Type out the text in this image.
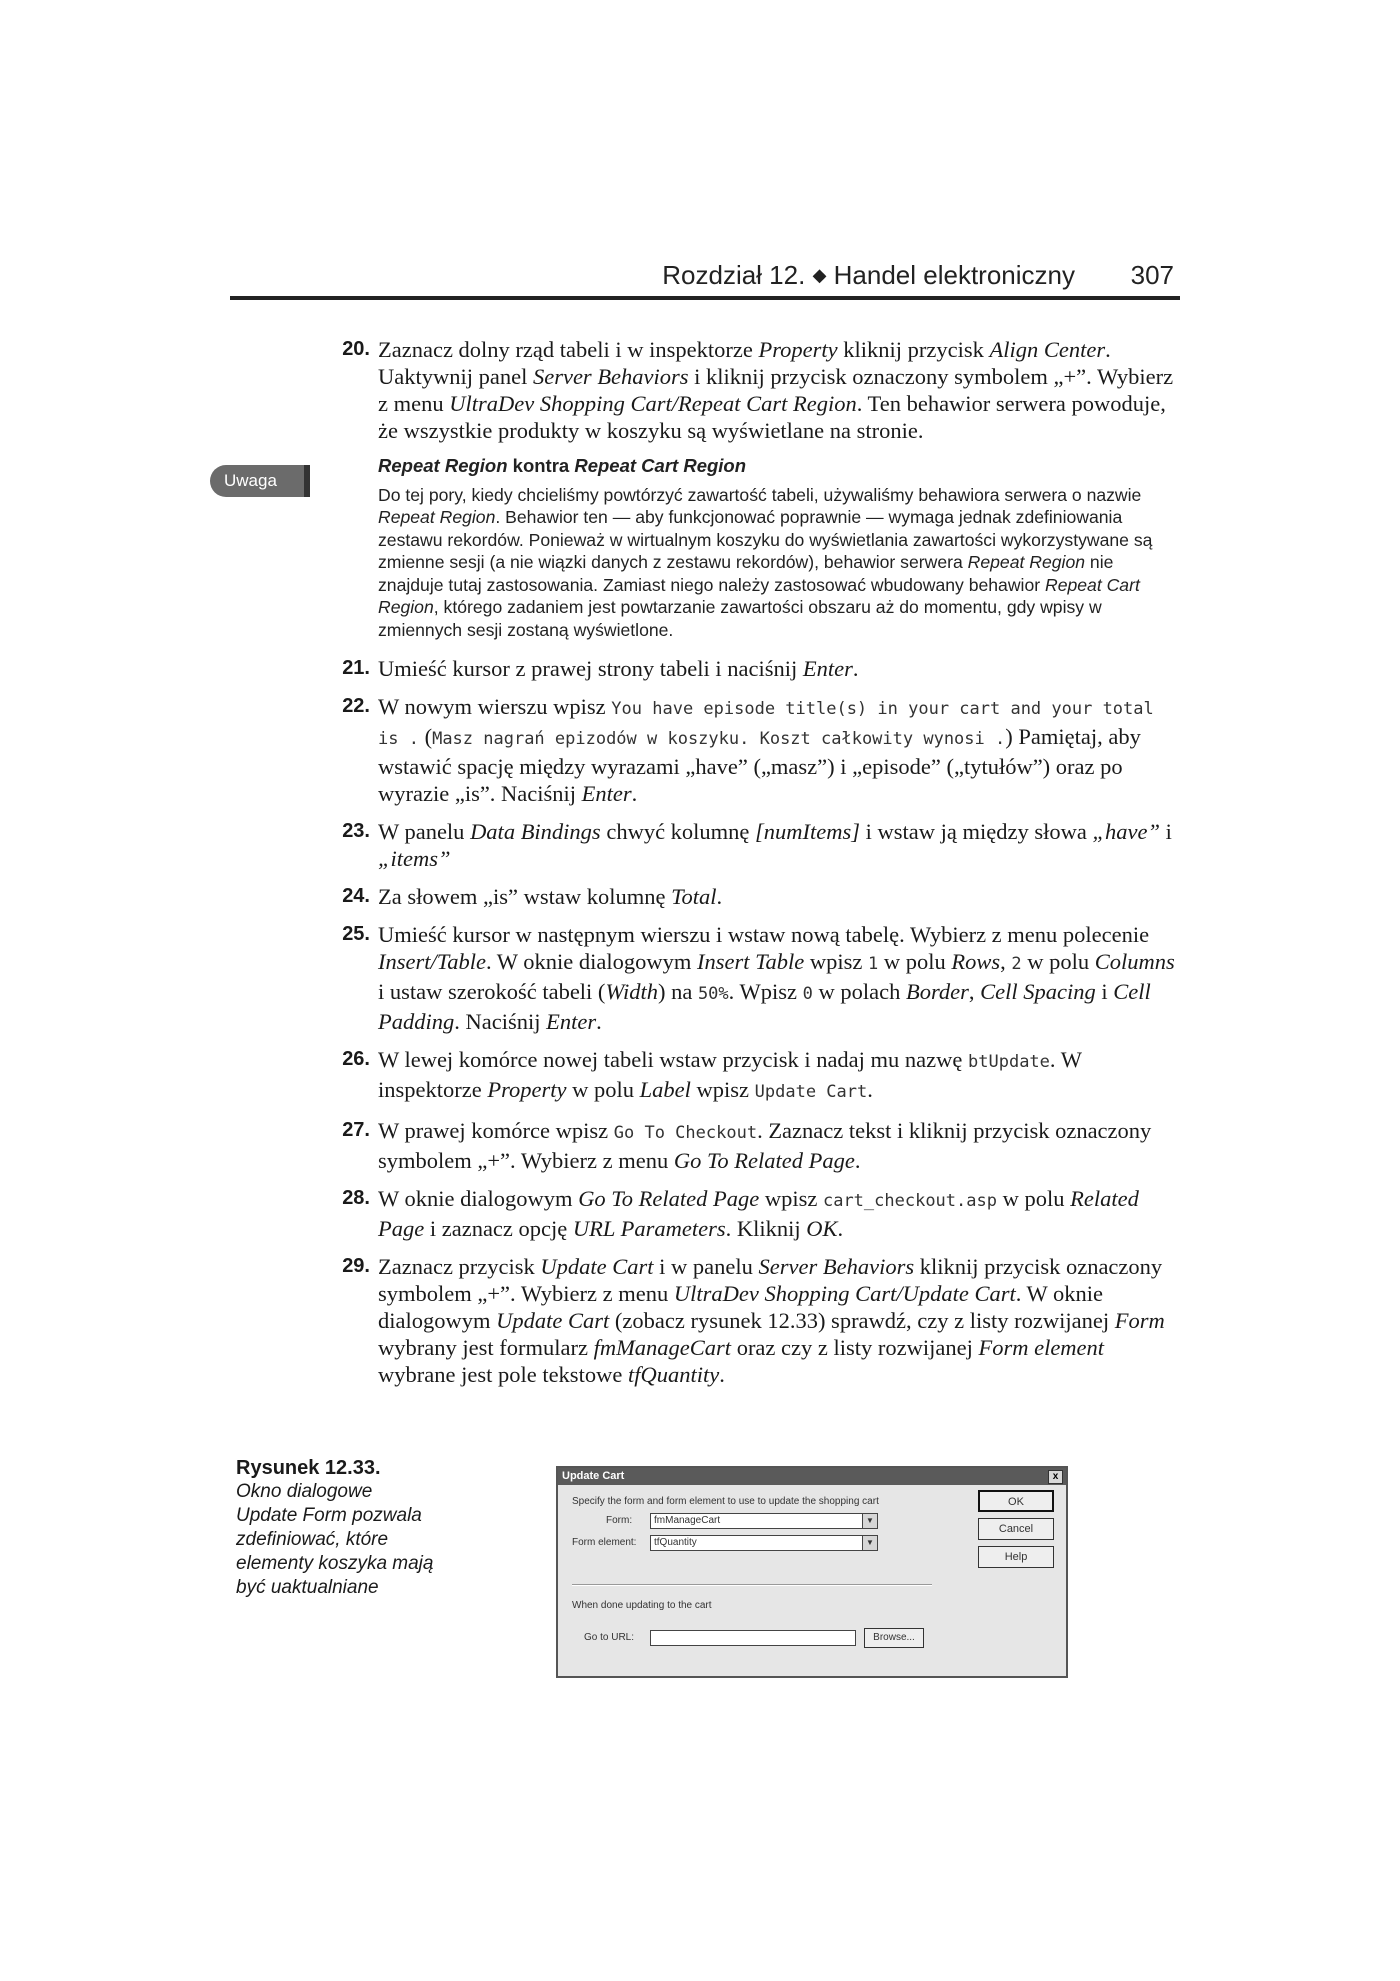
Rozdział 12. ◆ Handel elektroniczny 307
20. Zaznacz dolny rząd tabeli i w inspektorze Property kliknij przycisk Align Center. Uaktywnij panel Server Behaviors i kliknij przycisk oznaczony symbolem „+”. Wybierz z menu UltraDev Shopping Cart/Repeat Cart Region. Ten behawior serwera powoduje, że wszystkie produkty w koszyku są wyświetlane na stronie.
Uwaga
Repeat Region kontra Repeat Cart Region
Do tej pory, kiedy chcieliśmy powtórzyć zawartość tabeli, używaliśmy behawiora serwera o nazwie Repeat Region. Behawior ten — aby funkcjonować poprawnie — wymaga jednak zdefiniowania zestawu rekordów. Ponieważ w wirtualnym koszyku do wyświetlania zawartości wykorzystywane są zmienne sesji (a nie wiązki danych z zestawu rekordów), behawior serwera Repeat Region nie znajduje tutaj zastosowania. Zamiast niego należy zastosować wbudowany behawior Repeat Cart Region, którego zadaniem jest powtarzanie zawartości obszaru aż do momentu, gdy wpisy w zmiennych sesji zostaną wyświetlone.
21. Umieść kursor z prawej strony tabeli i naciśnij Enter.
22. W nowym wierszu wpisz You have episode title(s) in your cart and your total is . (Masz nagrań epizodów w koszyku. Koszt całkowity wynosi .) Pamiętaj, aby wstawić spację między wyrazami „have” („masz”) i „episode” („tytułów”) oraz po wyrazie „is”. Naciśnij Enter.
23. W panelu Data Bindings chwyć kolumnę [numItems] i wstaw ją między słowa „have” i „items”
24. Za słowem „is” wstaw kolumnę Total.
25. Umieść kursor w następnym wierszu i wstaw nową tabelę. Wybierz z menu polecenie Insert/Table. W oknie dialogowym Insert Table wpisz 1 w polu Rows, 2 w polu Columns i ustaw szerokość tabeli (Width) na 50%. Wpisz 0 w polach Border, Cell Spacing i Cell Padding. Naciśnij Enter.
26. W lewej komórce nowej tabeli wstaw przycisk i nadaj mu nazwę btUpdate. W inspektorze Property w polu Label wpisz Update Cart.
27. W prawej komórce wpisz Go To Checkout. Zaznacz tekst i kliknij przycisk oznaczony symbolem „+”. Wybierz z menu Go To Related Page.
28. W oknie dialogowym Go To Related Page wpisz cart_checkout.asp w polu Related Page i zaznacz opcję URL Parameters. Kliknij OK.
29. Zaznacz przycisk Update Cart i w panelu Server Behaviors kliknij przycisk oznaczony symbolem „+”. Wybierz z menu UltraDev Shopping Cart/Update Cart. W oknie dialogowym Update Cart (zobacz rysunek 12.33) sprawdź, czy z listy rozwijanej Form wybrany jest formularz fmManageCart oraz czy z listy rozwijanej Form element wybrane jest pole tekstowe tfQuantity.
Rysunek 12.33.
Okno dialogowe Update Form pozwala zdefiniować, które elementy koszyka mają być uaktualniane
Update Cart	x
Specify the form and form element to use to update the shopping cart
Form:	fmManageCart	▼
Form element:	tfQuantity	▼
When done updating to the cart
Go to URL:	Browse...
OK
Cancel
Help
